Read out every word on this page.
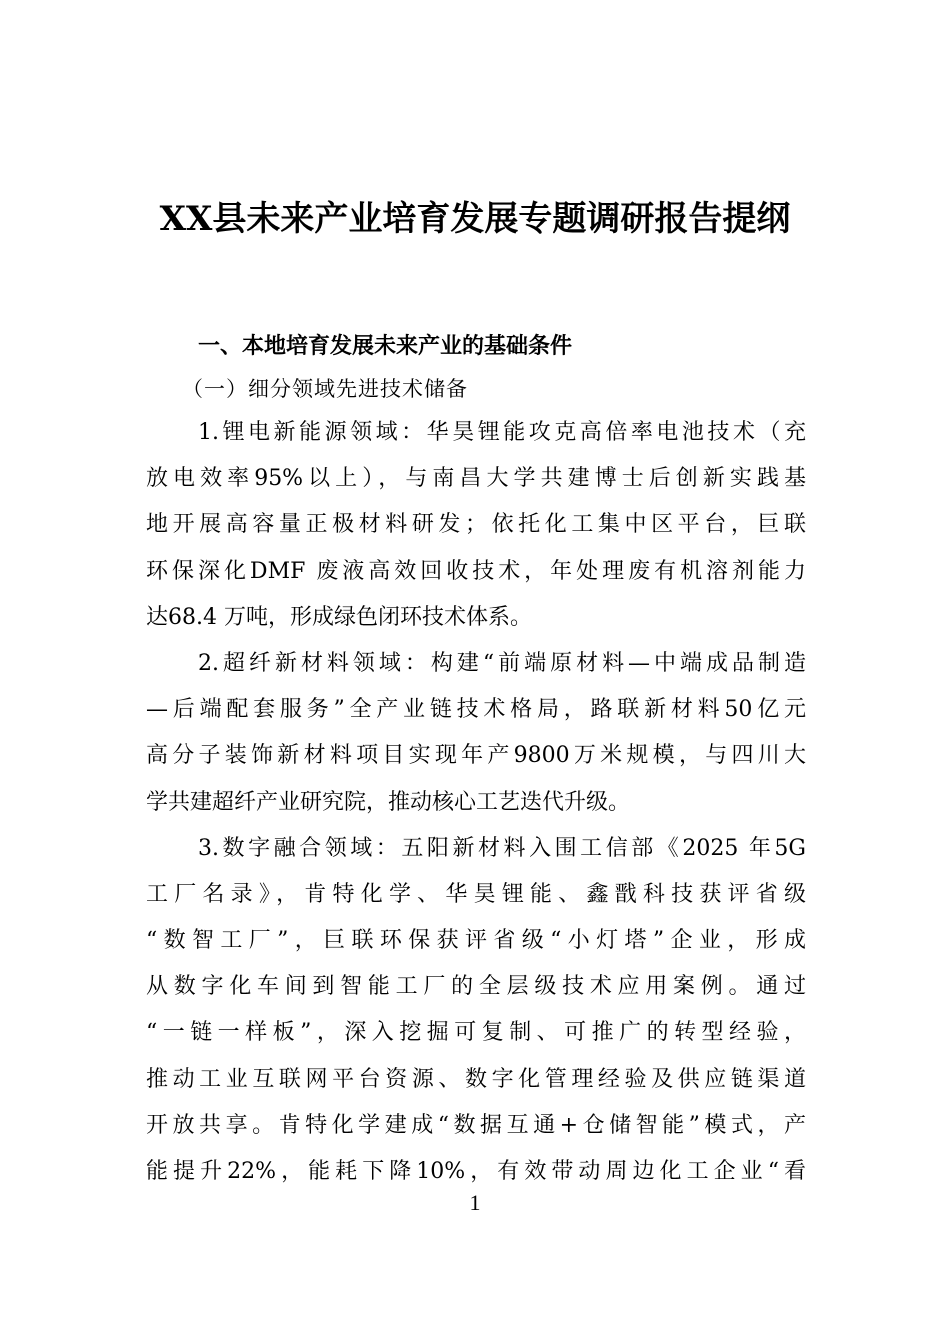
XX县未来产业培育发展专题调研报告提纲
一、本地培育发展未来产业的基础条件
（一）细分领域先进技术储备
1.锂电新能源领域：华昊锂能攻克高倍率电池技术（充
放电效率95%以上），与南昌大学共建博士后创新实践基
地开展高容量正极材料研发；依托化工集中区平台，巨联
环保深化DMF 废液高效回收技术，年处理废有机溶剂能力
达68.4 万吨，形成绿色闭环技术体系。
2.超纤新材料领域：构建“前端原材料—中端成品制造
—后端配套服务”全产业链技术格局，路联新材料50亿元
高分子装饰新材料项目实现年产9800万米规模，与四川大
学共建超纤产业研究院，推动核心工艺迭代升级。
3.数字融合领域：五阳新材料入围工信部《2025 年5G
工厂名录》，肯特化学、华昊锂能、鑫戬科技获评省级
“数智工厂”，巨联环保获评省级“小灯塔”企业，形成
从数字化车间到智能工厂的全层级技术应用案例。通过
“一链一样板”，深入挖掘可复制、可推广的转型经验，
推动工业互联网平台资源、数字化管理经验及供应链渠道
开放共享。肯特化学建成“数据互通+仓储智能”模式，产
能提升22%，能耗下降10%，有效带动周边化工企业“看
1
